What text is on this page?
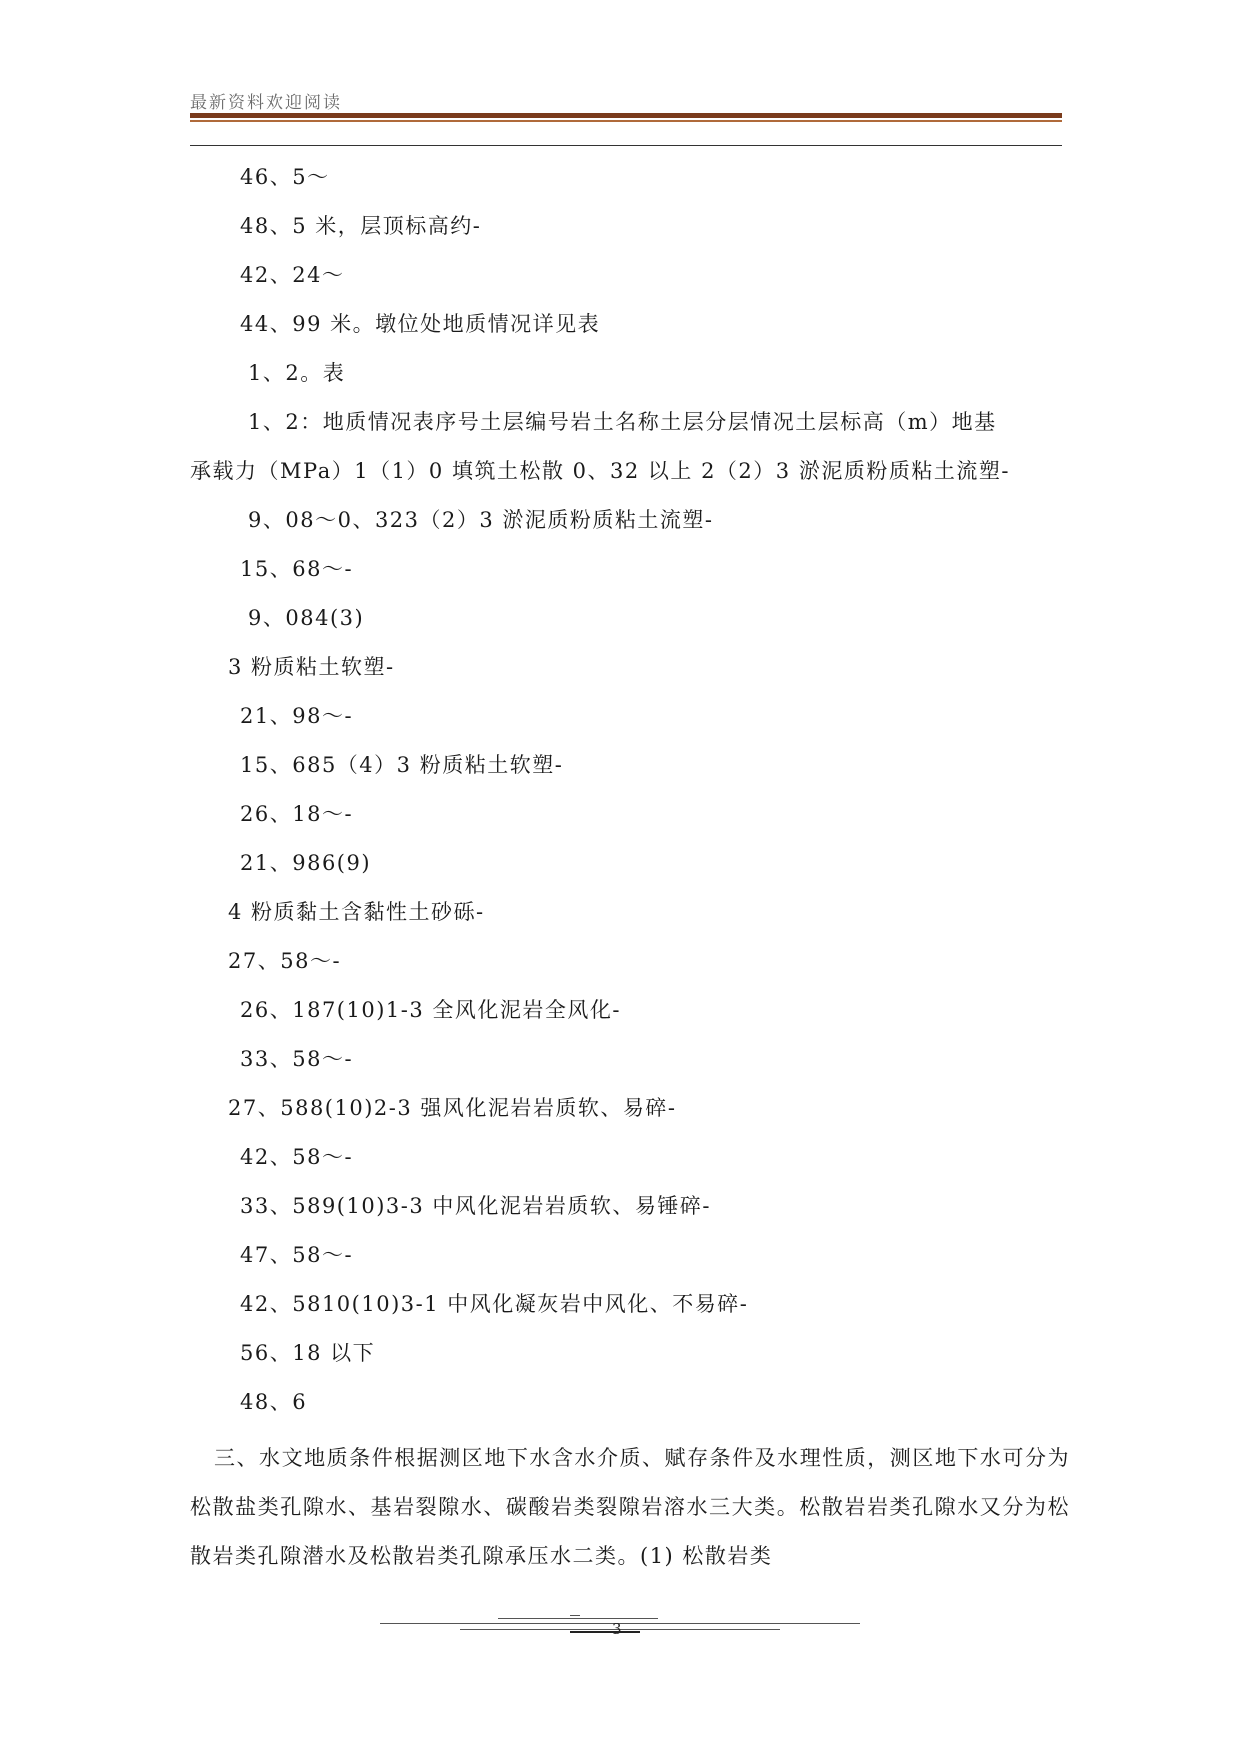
最新资料欢迎阅读
46、5～
48、5 米，层顶标高约-
42、24～
44、99 米。墩位处地质情况详见表
1、2。表
1、2：地质情况表序号土层编号岩土名称土层分层情况土层标高（m）地基
承载力（MPa）1（1）0 填筑土松散 0、32 以上 2（2）3 淤泥质粉质粘土流塑-
9、08～0、323（2）3 淤泥质粉质粘土流塑-
15、68～-
9、084(3)
3 粉质粘土软塑-
21、98～-
15、685（4）3 粉质粘土软塑-
26、18～-
21、986(9)
4 粉质黏土含黏性土砂砾-
27、58～-
26、187(10)1-3 全风化泥岩全风化-
33、58～-
27、588(10)2-3 强风化泥岩岩质软、易碎-
42、58～-
33、589(10)3-3 中风化泥岩岩质软、易锤碎-
47、58～-
42、5810(10)3-1 中风化凝灰岩中风化、不易碎-
56、18 以下
48、6
三、水文地质条件根据测区地下水含水介质、赋存条件及水理性质，测区地下水可分为松散盐类孔隙水、基岩裂隙水、碳酸岩类裂隙岩溶水三大类。松散岩岩类孔隙水又分为松散岩类孔隙潜水及松散岩类孔隙承压水二类。(1) 松散岩类
3
